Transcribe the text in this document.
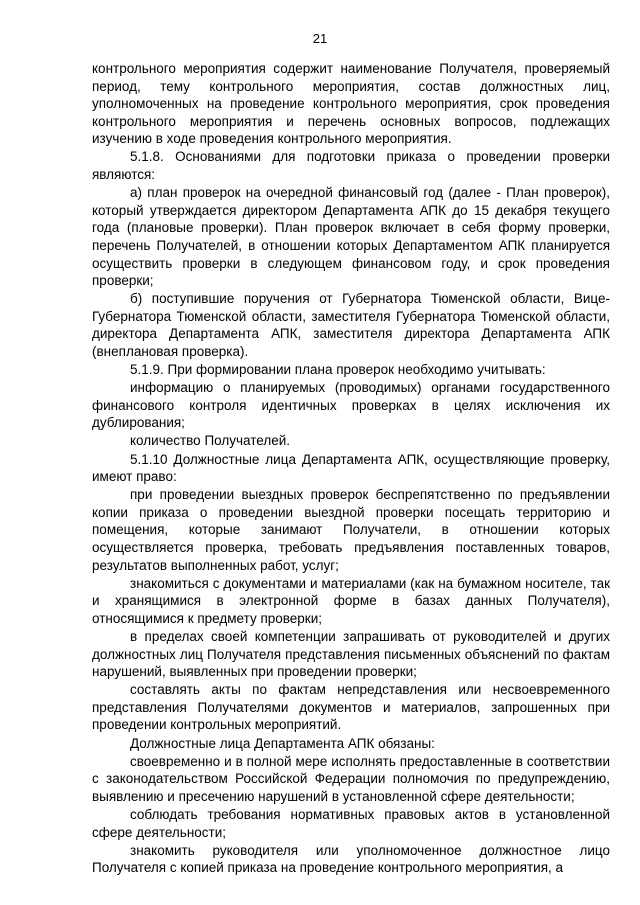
21

контрольного мероприятия содержит наименование Получателя, проверяемый период, тему контрольного мероприятия, состав должностных лиц, уполномоченных на проведение контрольного мероприятия, срок проведения контрольного мероприятия и перечень основных вопросов, подлежащих изучению в ходе проведения контрольного мероприятия.

5.1.8. Основаниями для подготовки приказа о проведении проверки являются:

а) план проверок на очередной финансовый год (далее - План проверок), который утверждается директором Департамента АПК до 15 декабря текущего года (плановые проверки). План проверок включает в себя форму проверки, перечень Получателей, в отношении которых Департаментом АПК планируется осуществить проверки в следующем финансовом году, и срок проведения проверки;

б) поступившие поручения от Губернатора Тюменской области, Вице-Губернатора Тюменской области, заместителя Губернатора Тюменской области, директора Департамента АПК, заместителя директора Департамента АПК (внеплановая проверка).

5.1.9. При формировании плана проверок необходимо учитывать:

информацию о планируемых (проводимых) органами государственного финансового контроля идентичных проверках в целях исключения их дублирования;

количество Получателей.

5.1.10 Должностные лица Департамента АПК, осуществляющие проверку, имеют право:

при проведении выездных проверок беспрепятственно по предъявлении копии приказа о проведении выездной проверки посещать территорию и помещения, которые занимают Получатели, в отношении которых осуществляется проверка, требовать предъявления поставленных товаров, результатов выполненных работ, услуг;

знакомиться с документами и материалами (как на бумажном носителе, так и хранящимися в электронной форме в базах данных Получателя), относящимися к предмету проверки;

в пределах своей компетенции запрашивать от руководителей и других должностных лиц Получателя представления письменных объяснений по фактам нарушений, выявленных при проведении проверки;

составлять акты по фактам непредставления или несвоевременного представления Получателями документов и материалов, запрошенных при проведении контрольных мероприятий.

Должностные лица Департамента АПК обязаны:

своевременно и в полной мере исполнять предоставленные в соответствии с законодательством Российской Федерации полномочия по предупреждению, выявлению и пресечению нарушений в установленной сфере деятельности;

соблюдать требования нормативных правовых актов в установленной сфере деятельности;

знакомить руководителя или уполномоченное должностное лицо Получателя с копией приказа на проведение контрольного мероприятия, а
